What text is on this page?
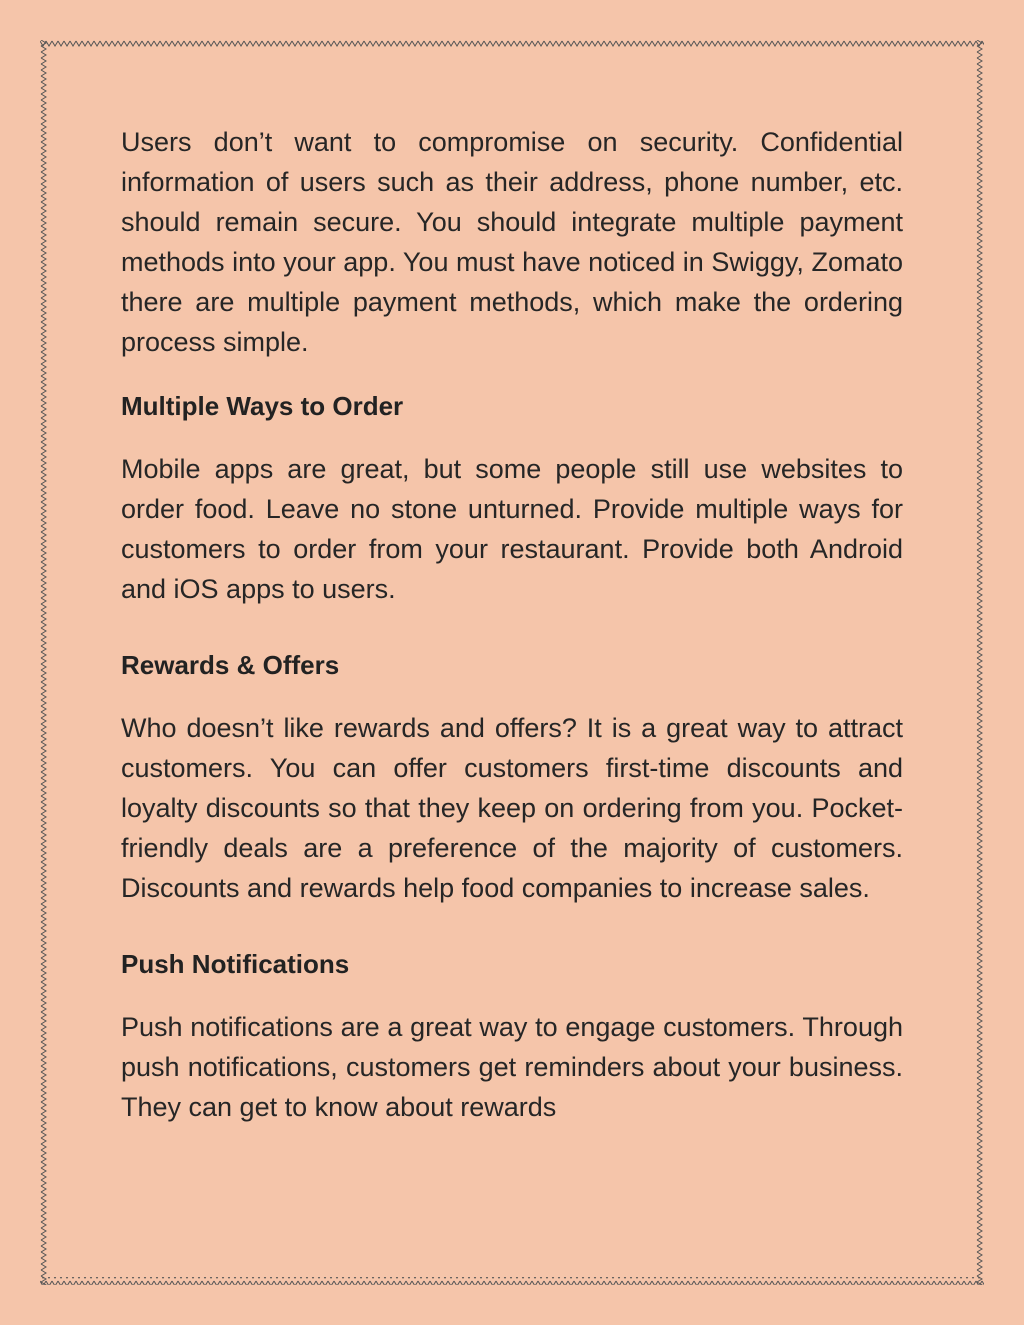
Users don’t want to compromise on security. Confidential information of users such as their address, phone number, etc. should remain secure. You should integrate multiple payment methods into your app. You must have noticed in Swiggy, Zomato there are multiple payment methods, which make the ordering process simple.

Multiple Ways to Order

Mobile apps are great, but some people still use websites to order food. Leave no stone unturned. Provide multiple ways for customers to order from your restaurant. Provide both Android and iOS apps to users.

Rewards & Offers

Who doesn’t like rewards and offers? It is a great way to attract customers. You can offer customers first-time discounts and loyalty discounts so that they keep on ordering from you. Pocket-friendly deals are a preference of the majority of customers. Discounts and rewards help food companies to increase sales.

Push Notifications

Push notifications are a great way to engage customers. Through push notifications, customers get reminders about your business. They can get to know about rewards
